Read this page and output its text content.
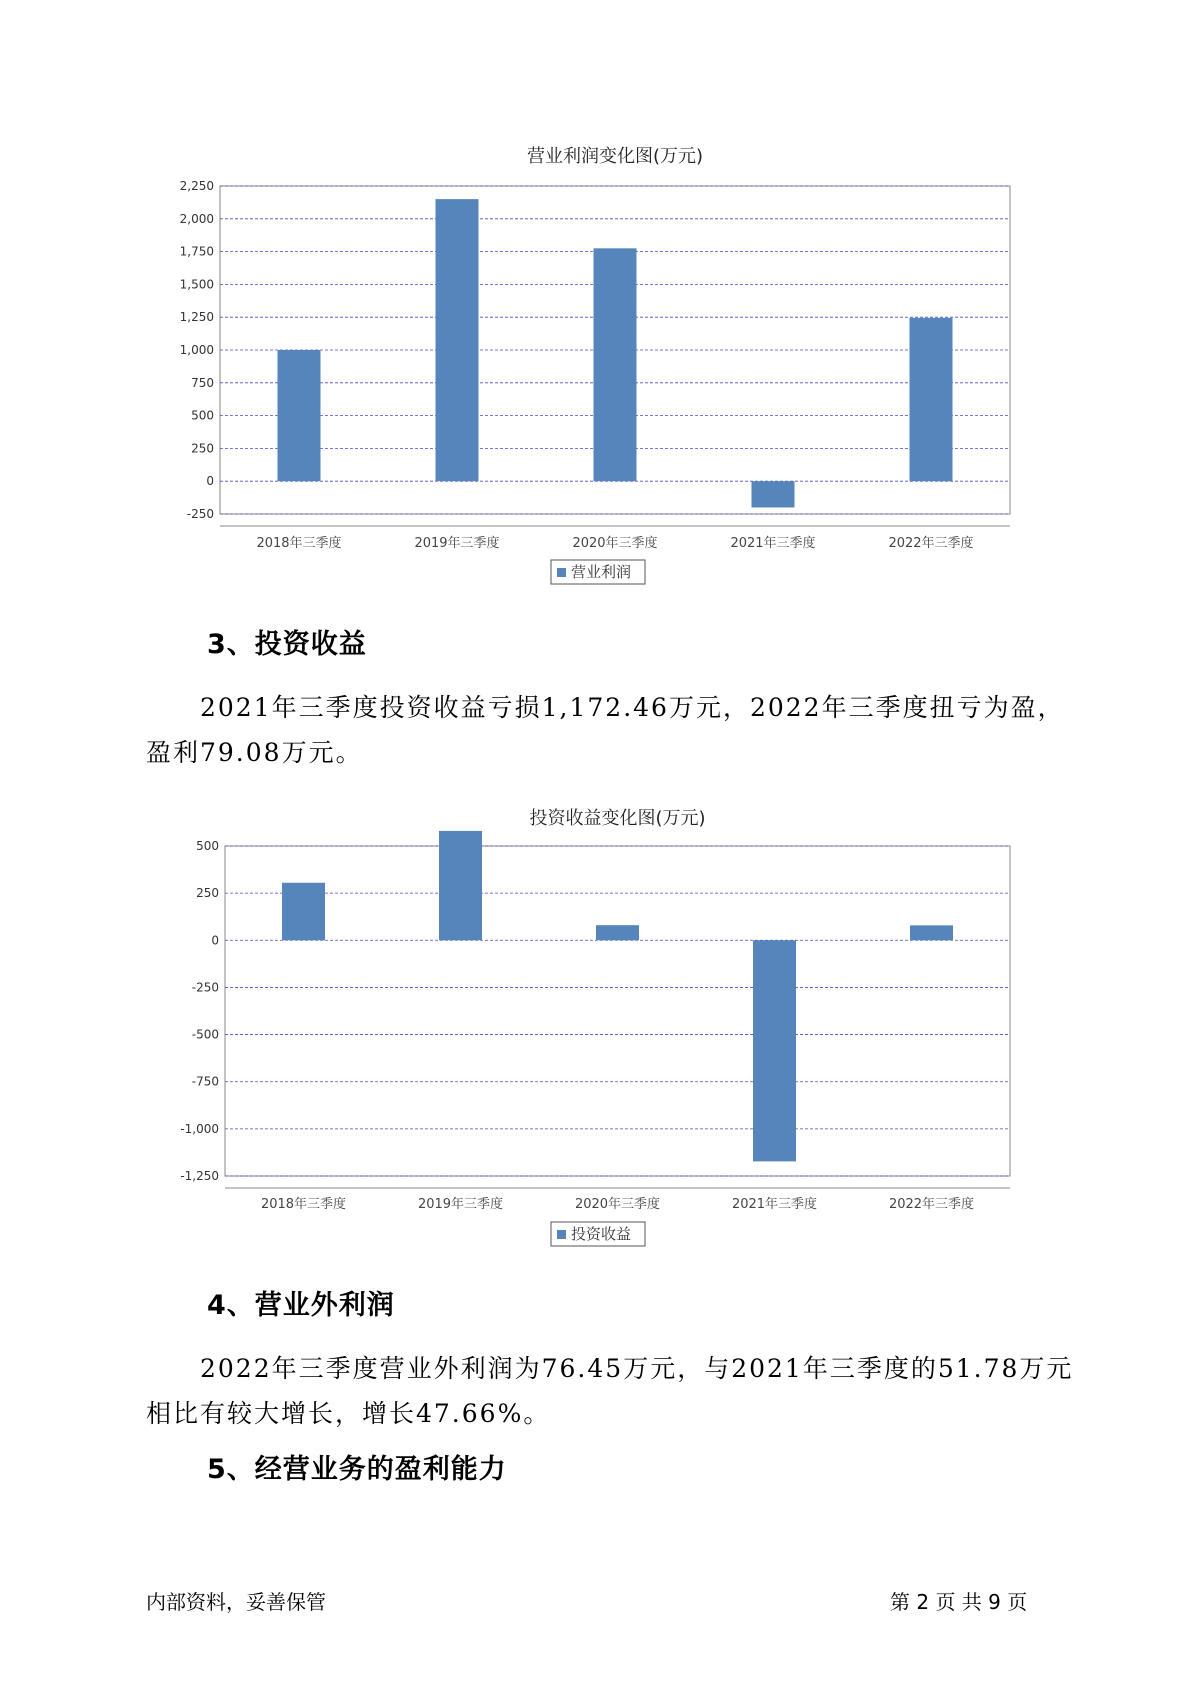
营业利润变化图(万元)
-250
0
250
500
750
1,000
1,250
1,500
1,750
2,000
2,250
2018年三季度	2019年三季度	2020年三季度	2021年三季度	2022年三季度
营业利润
3、投资收益
2021年三季度投资收益亏损1,172.46万元，2022年三季度扭亏为盈，
盈利79.08万元。
投资收益变化图(万元)
-1,250
-1,000
-750
-500
-250
0
250
500
2018年三季度	2019年三季度	2020年三季度	2021年三季度	2022年三季度
投资收益
4、营业外利润
2022年三季度营业外利润为76.45万元，与2021年三季度的51.78万元
相比有较大增长，增长47.66%。
5、经营业务的盈利能力
内部资料，妥善保管	第 2 页 共 9 页
